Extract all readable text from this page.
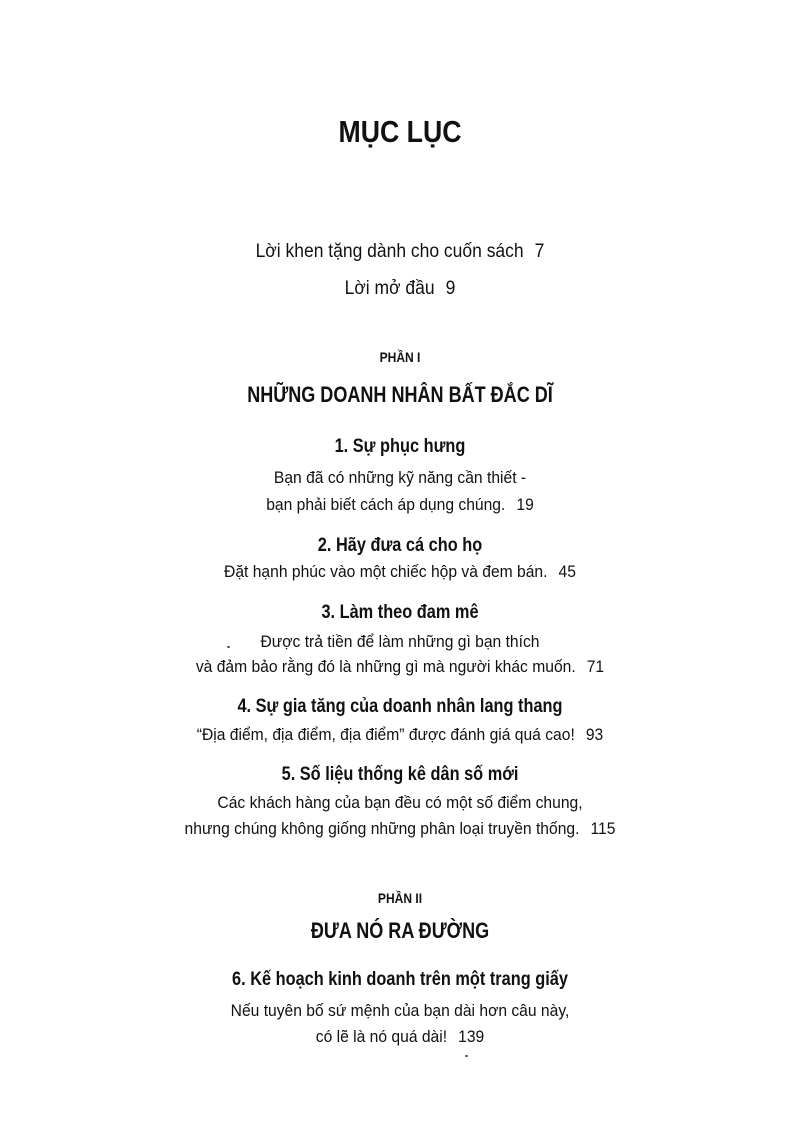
MỤC LỤC
Lời khen tặng dành cho cuốn sách 7
Lời mở đầu 9
PHẦN I
NHỮNG DOANH NHÂN BẤT ĐẮC DĨ
1. Sự phục hưng
Bạn đã có những kỹ năng cần thiết -
bạn phải biết cách áp dụng chúng. 19
2. Hãy đưa cá cho họ
Đặt hạnh phúc vào một chiếc hộp và đem bán. 45
3. Làm theo đam mê
Được trả tiền để làm những gì bạn thích
và đảm bảo rằng đó là những gì mà người khác muốn. 71
4. Sự gia tăng của doanh nhân lang thang
“Địa điểm, địa điểm, địa điểm” được đánh giá quá cao! 93
5. Số liệu thống kê dân số mới
Các khách hàng của bạn đều có một số điểm chung,
nhưng chúng không giống những phân loại truyền thống. 115
PHẦN II
ĐƯA NÓ RA ĐƯỜNG
6. Kế hoạch kinh doanh trên một trang giấy
Nếu tuyên bố sứ mệnh của bạn dài hơn câu này,
có lẽ là nó quá dài! 139
